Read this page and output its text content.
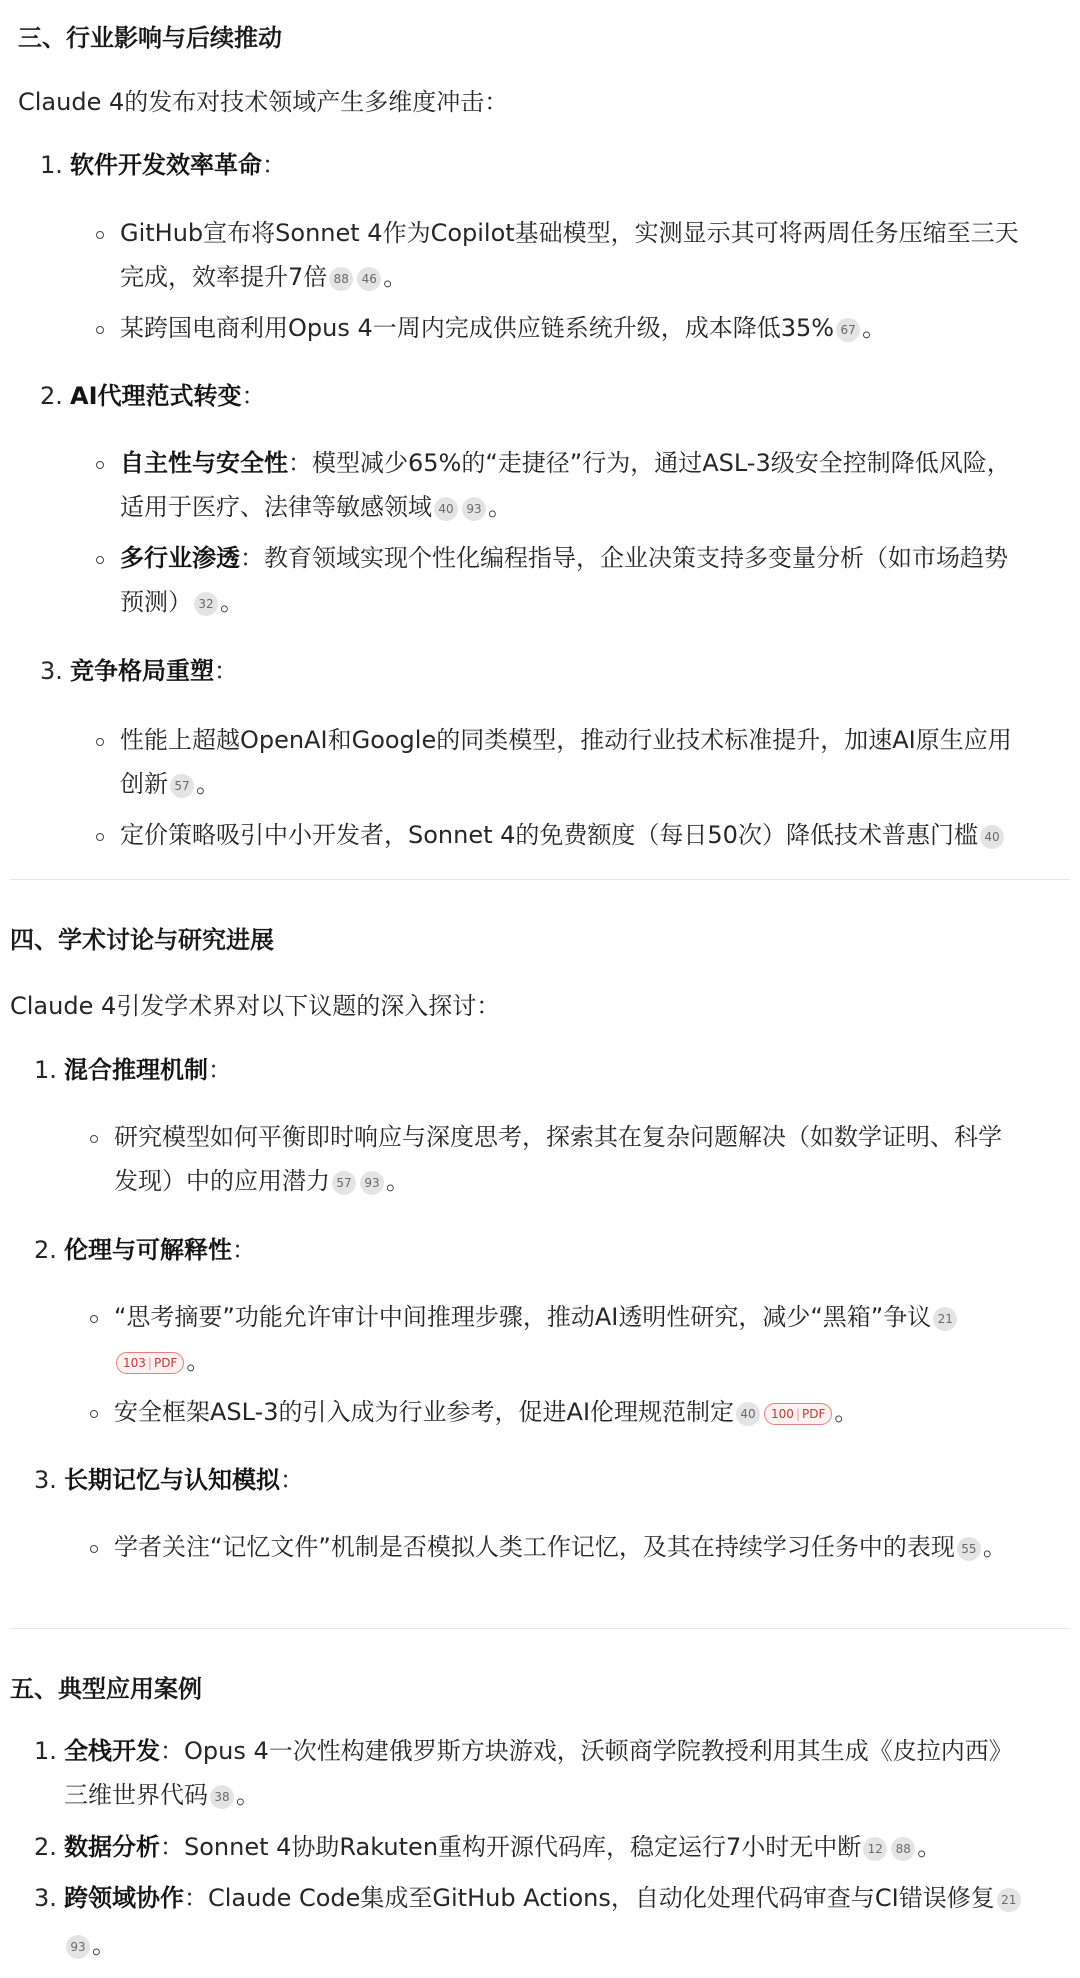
三、行业影响与后续推动
Claude 4的发布对技术领域产生多维度冲击：
1. 软件开发效率革命：
GitHub宣布将Sonnet 4作为Copilot基础模型，实测显示其可将两周任务压缩至三天
完成，效率提升7倍 88 46 。
某跨国电商利用Opus 4一周内完成供应链系统升级，成本降低35% 67 。
2. AI代理范式转变：
自主性与安全性：模型减少65%的“走捷径”行为，通过ASL-3级安全控制降低风险，
适用于医疗、法律等敏感领域 40 93 。
多行业渗透：教育领域实现个性化编程指导，企业决策支持多变量分析（如市场趋势
预测） 32 。
3. 竞争格局重塑：
性能上超越OpenAI和Google的同类模型，推动行业技术标准提升，加速AI原生应用
创新 57 。
定价策略吸引中小开发者，Sonnet 4的免费额度（每日50次）降低技术普惠门槛 40
四、学术讨论与研究进展
Claude 4引发学术界对以下议题的深入探讨：
1. 混合推理机制：
研究模型如何平衡即时响应与深度思考，探索其在复杂问题解决（如数学证明、科学
发现）中的应用潜力 57 93 。
2. 伦理与可解释性：
“思考摘要”功能允许审计中间推理步骤，推动AI透明性研究，减少“黑箱”争议 21
103 | PDF 。
安全框架ASL-3的引入成为行业参考，促进AI伦理规范制定 40 100 | PDF 。
3. 长期记忆与认知模拟：
学者关注“记忆文件”机制是否模拟人类工作记忆，及其在持续学习任务中的表现 55 。
五、典型应用案例
1. 全栈开发：Opus 4一次性构建俄罗斯方块游戏，沃顿商学院教授利用其生成《皮拉内西》
三维世界代码 38 。
2. 数据分析：Sonnet 4协助Rakuten重构开源代码库，稳定运行7小时无中断 12 88 。
3. 跨领域协作：Claude Code集成至GitHub Actions，自动化处理代码审查与CI错误修复 21
93 。
